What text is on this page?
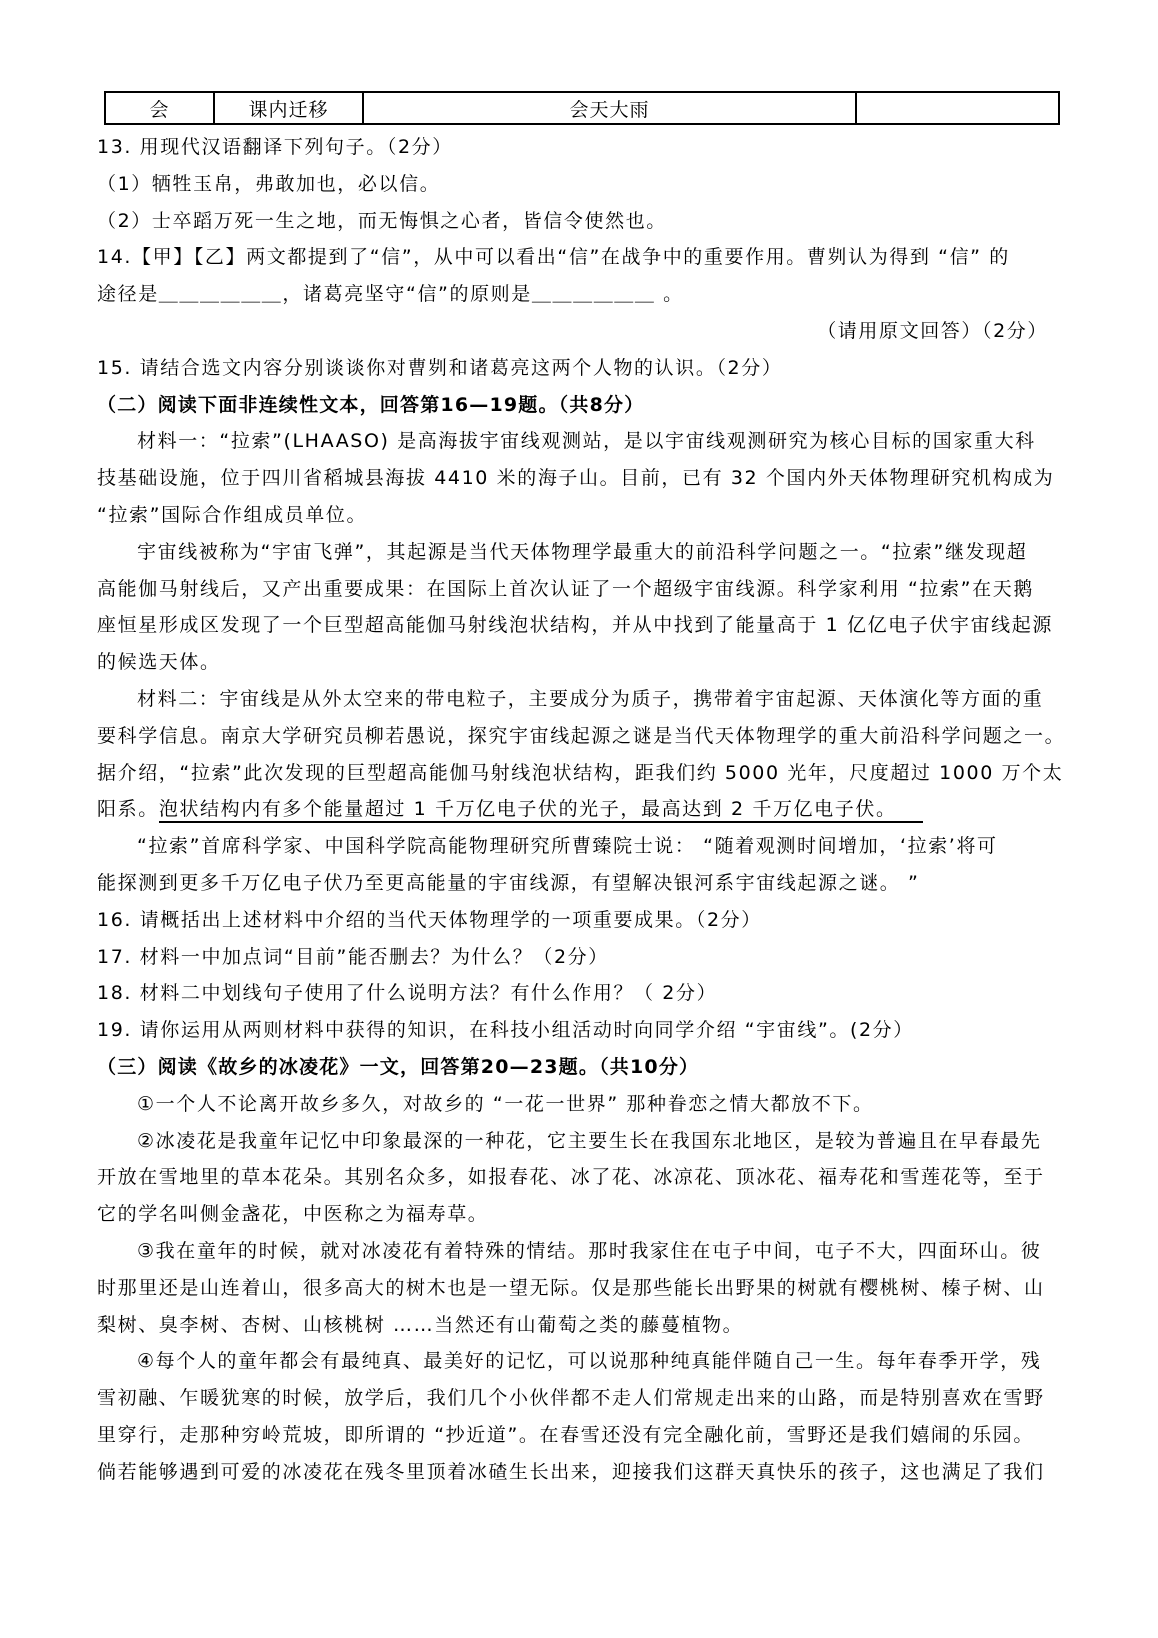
会	课内迁移	会天大雨	
13. 用现代汉语翻译下列句子。（2分）
（1）牺牲玉帛，弗敢加也，必以信。
（2）士卒蹈万死一生之地，而无悔惧之心者，皆信令使然也。
14.【甲】【乙】两文都提到了“信”，从中可以看出“信”在战争中的重要作用。曹刿认为得到 “信” 的
途径是＿＿＿＿＿＿，诸葛亮坚守“信”的原则是＿＿＿＿＿＿ 。
（请用原文回答）（2分）
15. 请结合选文内容分别谈谈你对曹刿和诸葛亮这两个人物的认识。（2分）
（二）阅读下面非连续性文本，回答第16—19题。（共8分）
材料一：“拉索”(LHAASO) 是高海拔宇宙线观测站，是以宇宙线观测研究为核心目标的国家重大科
技基础设施，位于四川省稻城县海拔 4410 米的海子山。目前，已有 32 个国内外天体物理研究机构成为
“拉索”国际合作组成员单位。
宇宙线被称为“宇宙飞弹”，其起源是当代天体物理学最重大的前沿科学问题之一。“拉索”继发现超
高能伽马射线后，又产出重要成果：在国际上首次认证了一个超级宇宙线源。科学家利用 “拉索”在天鹅
座恒星形成区发现了一个巨型超高能伽马射线泡状结构，并从中找到了能量高于 1 亿亿电子伏宇宙线起源
的候选天体。
材料二：宇宙线是从外太空来的带电粒子，主要成分为质子，携带着宇宙起源、天体演化等方面的重
要科学信息。南京大学研究员柳若愚说，探究宇宙线起源之谜是当代天体物理学的重大前沿科学问题之一。
据介绍，“拉索”此次发现的巨型超高能伽马射线泡状结构，距我们约 5000 光年，尺度超过 1000 万个太
阳系。泡状结构内有多个能量超过 1 千万亿电子伏的光子，最高达到 2 千万亿电子伏。
“拉索”首席科学家、中国科学院高能物理研究所曹臻院士说： “随着观测时间增加，‘拉索’将可
能探测到更多千万亿电子伏乃至更高能量的宇宙线源，有望解决银河系宇宙线起源之谜。 ”
16. 请概括出上述材料中介绍的当代天体物理学的一项重要成果。（2分）
17. 材料一中加点词“目前”能否删去？为什么？（2分）
18. 材料二中划线句子使用了什么说明方法？有什么作用？（ 2分）
19. 请你运用从两则材料中获得的知识，在科技小组活动时向同学介绍 “宇宙线”。(2分）
（三）阅读《故乡的冰凌花》一文，回答第20—23题。（共10分）
①一个人不论离开故乡多久，对故乡的 “一花一世界” 那种眷恋之情大都放不下。
②冰凌花是我童年记忆中印象最深的一种花，它主要生长在我国东北地区，是较为普遍且在早春最先
开放在雪地里的草本花朵。其别名众多，如报春花、冰了花、冰凉花、顶冰花、福寿花和雪莲花等，至于
它的学名叫侧金盏花，中医称之为福寿草。
③我在童年的时候，就对冰凌花有着特殊的情结。那时我家住在屯子中间，屯子不大，四面环山。彼
时那里还是山连着山，很多高大的树木也是一望无际。仅是那些能长出野果的树就有樱桃树、榛子树、山
梨树、臭李树、杏树、山核桃树 ……当然还有山葡萄之类的藤蔓植物。
④每个人的童年都会有最纯真、最美好的记忆，可以说那种纯真能伴随自己一生。每年春季开学，残
雪初融、乍暖犹寒的时候，放学后，我们几个小伙伴都不走人们常规走出来的山路，而是特别喜欢在雪野
里穿行，走那种穷岭荒坡，即所谓的 “抄近道”。在春雪还没有完全融化前，雪野还是我们嬉闹的乐园。
倘若能够遇到可爱的冰凌花在残冬里顶着冰碴生长出来，迎接我们这群天真快乐的孩子，这也满足了我们
